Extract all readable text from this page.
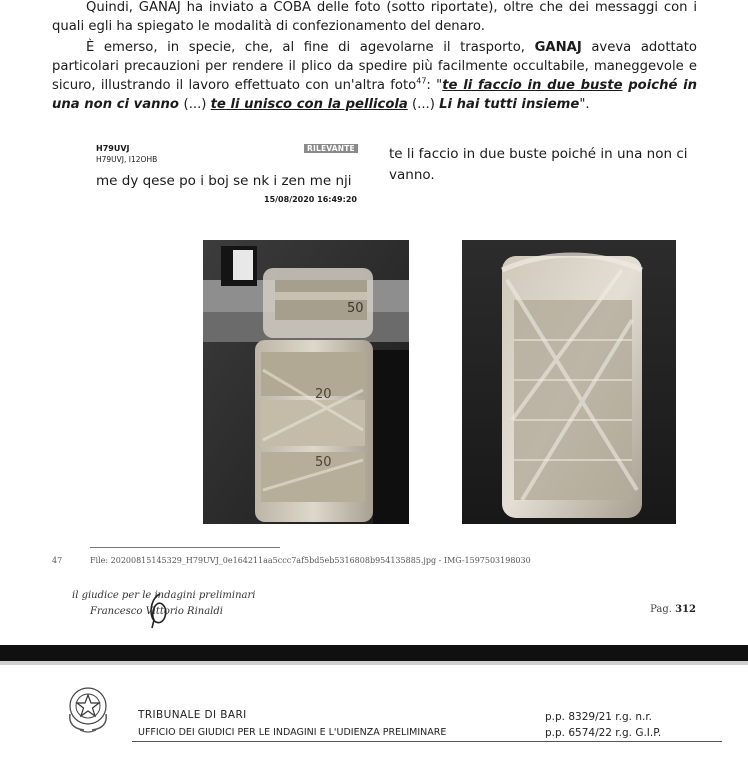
Quindi, GANAJ ha inviato a COBA delle foto (sotto riportate), oltre che dei messaggi con i quali egli ha spiegato le modalità di confezionamento del denaro.
È emerso, in specie, che, al fine di agevolarne il trasporto, GANAJ aveva adottato particolari precauzioni per rendere il plico da spedire più facilmente occultabile, maneggevole e sicuro, illustrando il lavoro effettuato con un'altra foto$^{47}$: "te li faccio in due buste poiché in una non ci vanno (...) te li unisco con la pellicola (...) Li hai tutti insieme".
H79UVJ
H79UVJ, I12OHB
RILEVANTE
me dy qese po i boj se nk i zen me nji
15/08/2020 16:49:20
te li faccio in due buste poiché in una non ci vanno.
50
20
50
47	File: 20200815145329_H79UVJ_0e164211aa5ccc7af5bd5eb5316808b954135885.jpg - IMG-1597503198030
il giudice per le indagini preliminari
Francesco Vittorio Rinaldi	Pag. 312
TRIBUNALE DI BARI
UFFICIO DEI GIUDICI PER LE INDAGINI E L'UDIENZA PRELIMINARE
p.p. 8329/21 r.g. n.r.
p.p. 6574/22 r.g. G.I.P.
